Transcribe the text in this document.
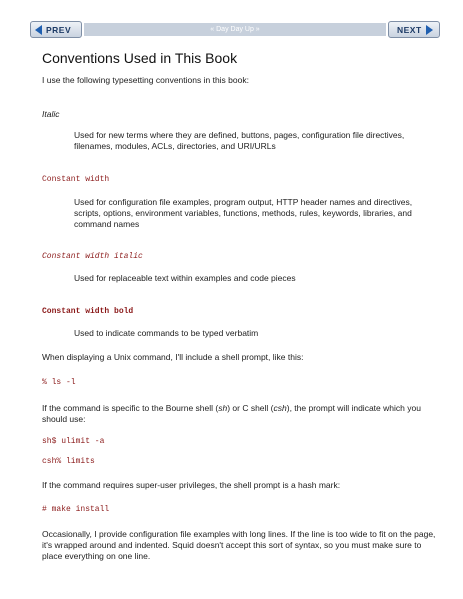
PREV	« Day Day Up »	NEXT
Conventions Used in This Book

I use the following typesetting conventions in this book:

Italic
Used for new terms where they are defined, buttons, pages, configuration file directives, filenames, modules, ACLs, directories, and URI/URLs
Constant width
Used for configuration file examples, program output, HTTP header names and directives, scripts, options, environment variables, functions, methods, rules, keywords, libraries, and command names
Constant width italic
Used for replaceable text within examples and code pieces
Constant width bold
Used to indicate commands to be typed verbatim

When displaying a Unix command, I'll include a shell prompt, like this:

% ls -l

If the command is specific to the Bourne shell (sh) or C shell (csh), the prompt will indicate which you should use:

sh$ ulimit -a
csh% limits

If the command requires super-user privileges, the shell prompt is a hash mark:

# make install

Occasionally, I provide configuration file examples with long lines. If the line is too wide to fit on the page, it's wrapped around and indented. Squid doesn't accept this sort of syntax, so you must make sure to place everything on one line.
